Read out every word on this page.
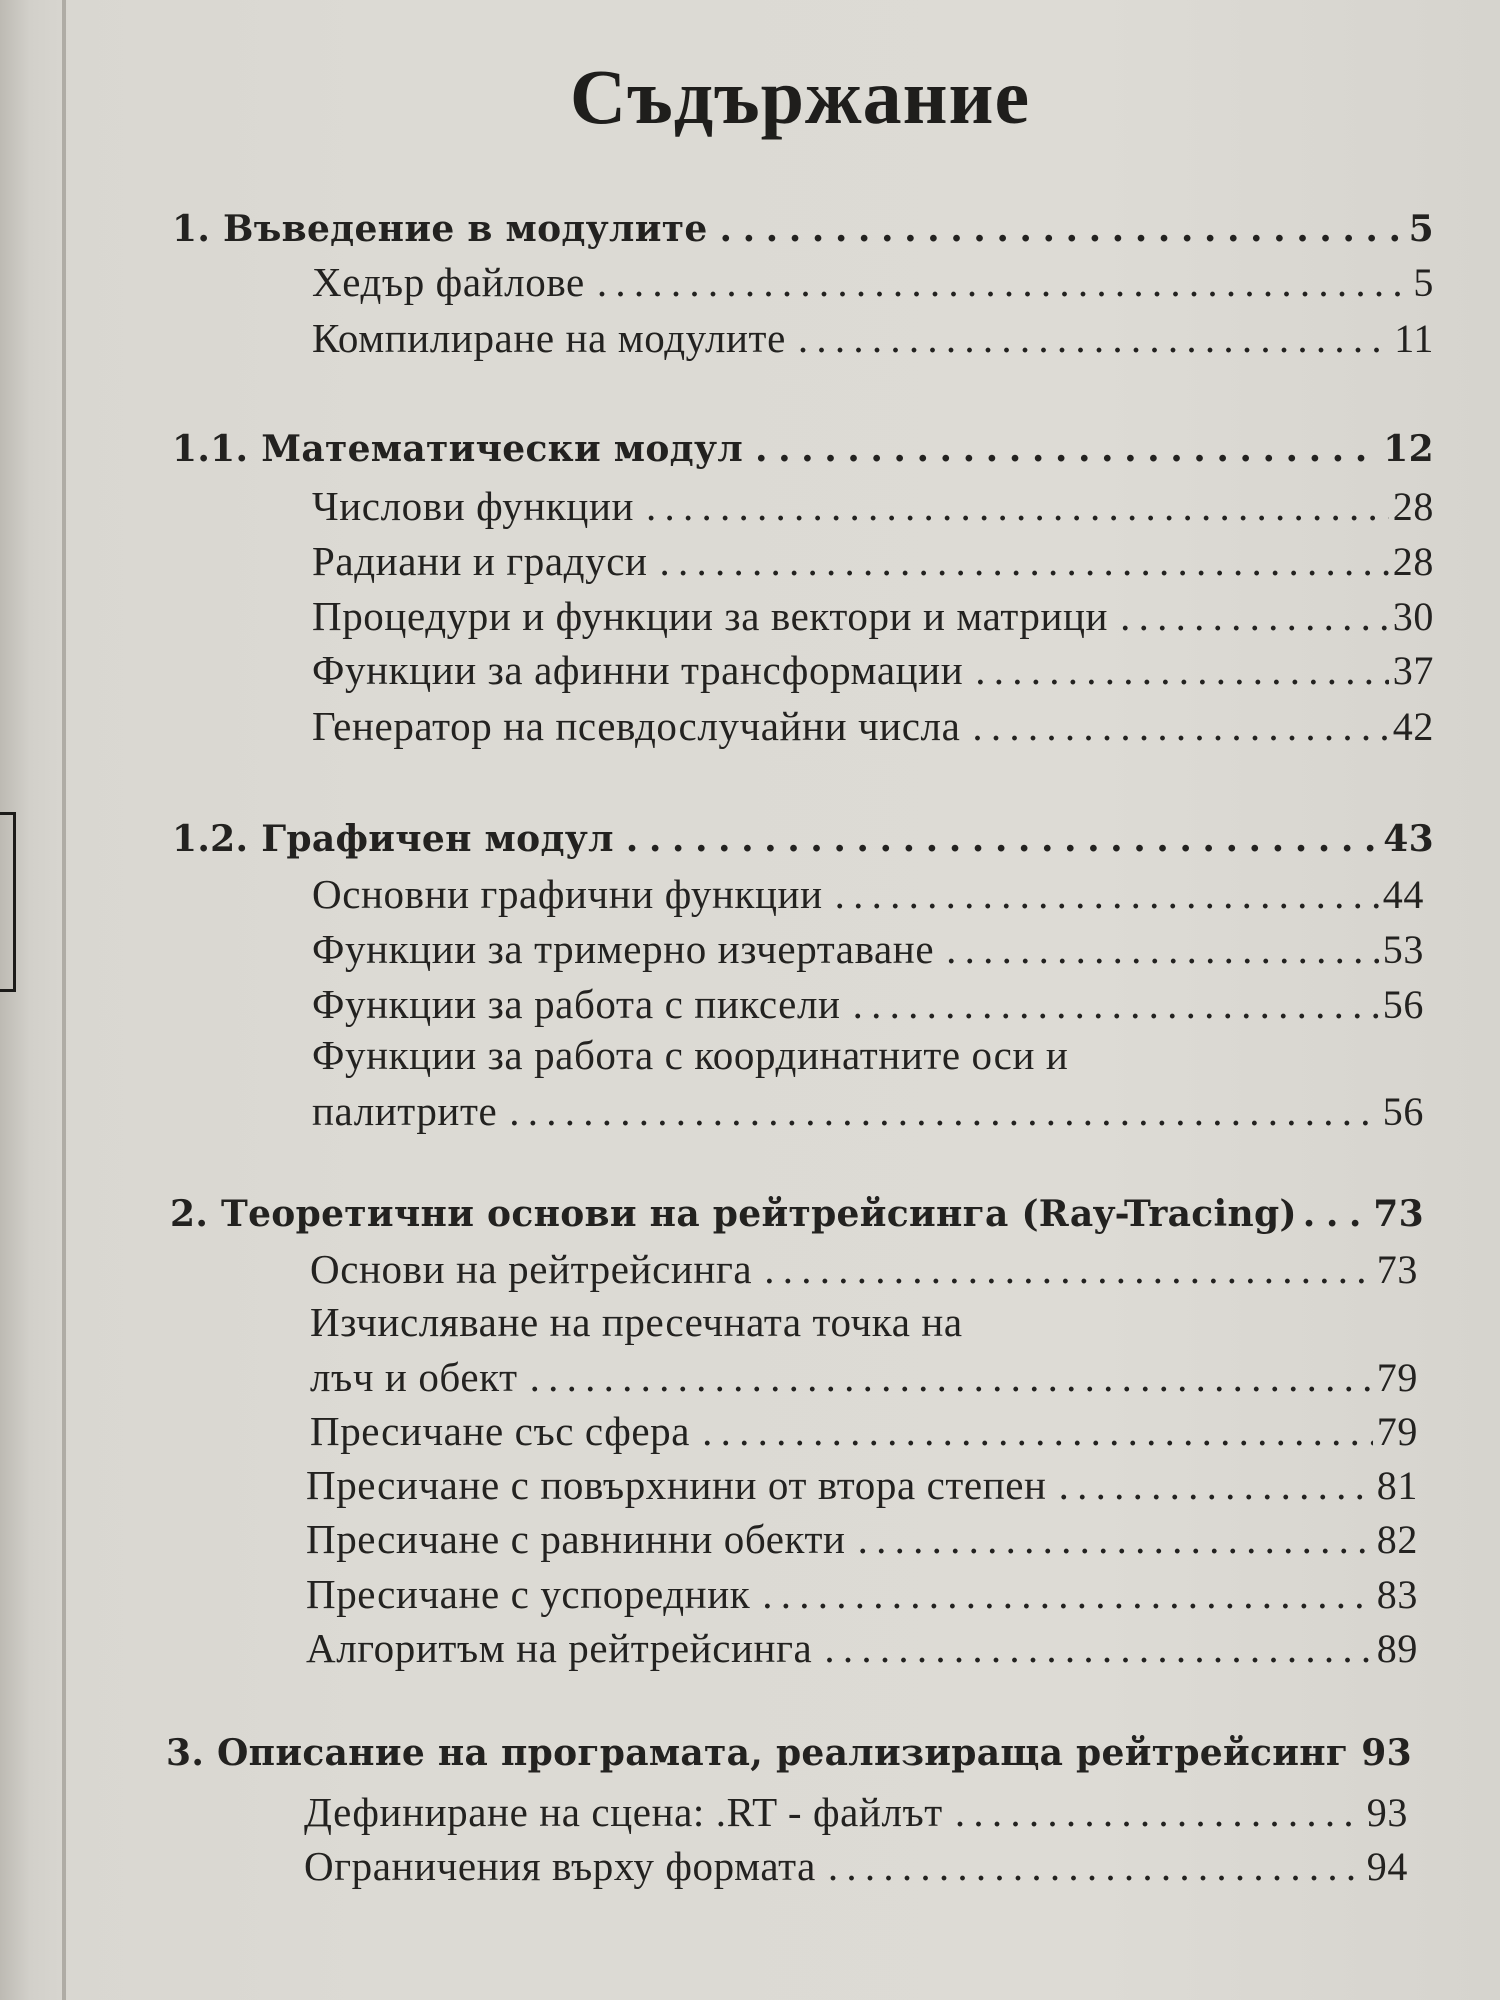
Съдържание
1. Въведение в модулите . . .	5
Хедър файлове . . .	5
Компилиране на модулите . . .	11
1.1. Математически модул . . .	12
Числови функции . . .	28
Радиани и градуси . . .	28
Процедури и функции за вектори и матрици . . .	30
Функции за афинни трансформации . . .	37
Генератор на псевдослучайни числа . . .	42
1.2. Графичен модул . . .	43
Основни графични функции . . .	44
Функции за тримерно изчертаване . . .	53
Функции за работа с пиксели . . .	56
Функции за работа с координатните оси и
палитрите . . .	56
2. Теоретични основи на рейтрейсинга (Ray-Tracing) . . . 73
Основи на рейтрейсинга . . .	73
Изчисляване на пресечната точка на
лъч и обект . . .	79
Пресичане със сфера . . .	79
Пресичане с повърхнини от втора степен . . .	81
Пресичане с равнинни обекти . . .	82
Пресичане с успоредник . . .	83
Алгоритъм на рейтрейсинга . . .	89
3. Описание на програмата, реализираща рейтрейсинг 93
Дефиниране на сцена: .RT - файлът . . .	93
Ограничения върху формата . . .	94
